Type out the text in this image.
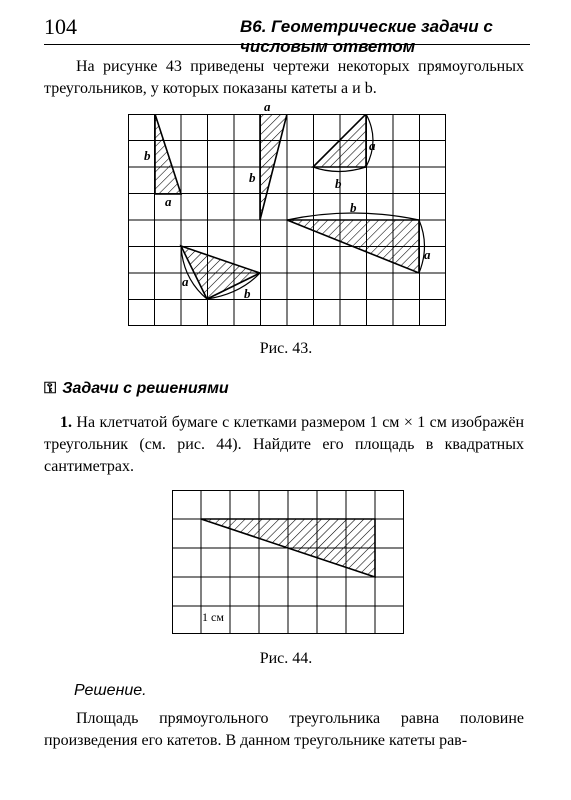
104	B6. Геометрические задачи с числовым ответом
На рисунке 43 приведены чертежи некоторых прямоугольных треугольников, у которых показаны катеты a и b.
b
a
b
a
b
b
a
a
b
a
Рис. 43.
⚿ Задачи с решениями
1. На клетчатой бумаге с клетками размером 1 см × 1 см изображён треугольник (см. рис. 44). Найдите его площадь в квадратных сантиметрах.
1 см
Рис. 44.
Решение.
Площадь прямоугольного треугольника равна половине произведения его катетов. В данном треугольнике катеты рав-
